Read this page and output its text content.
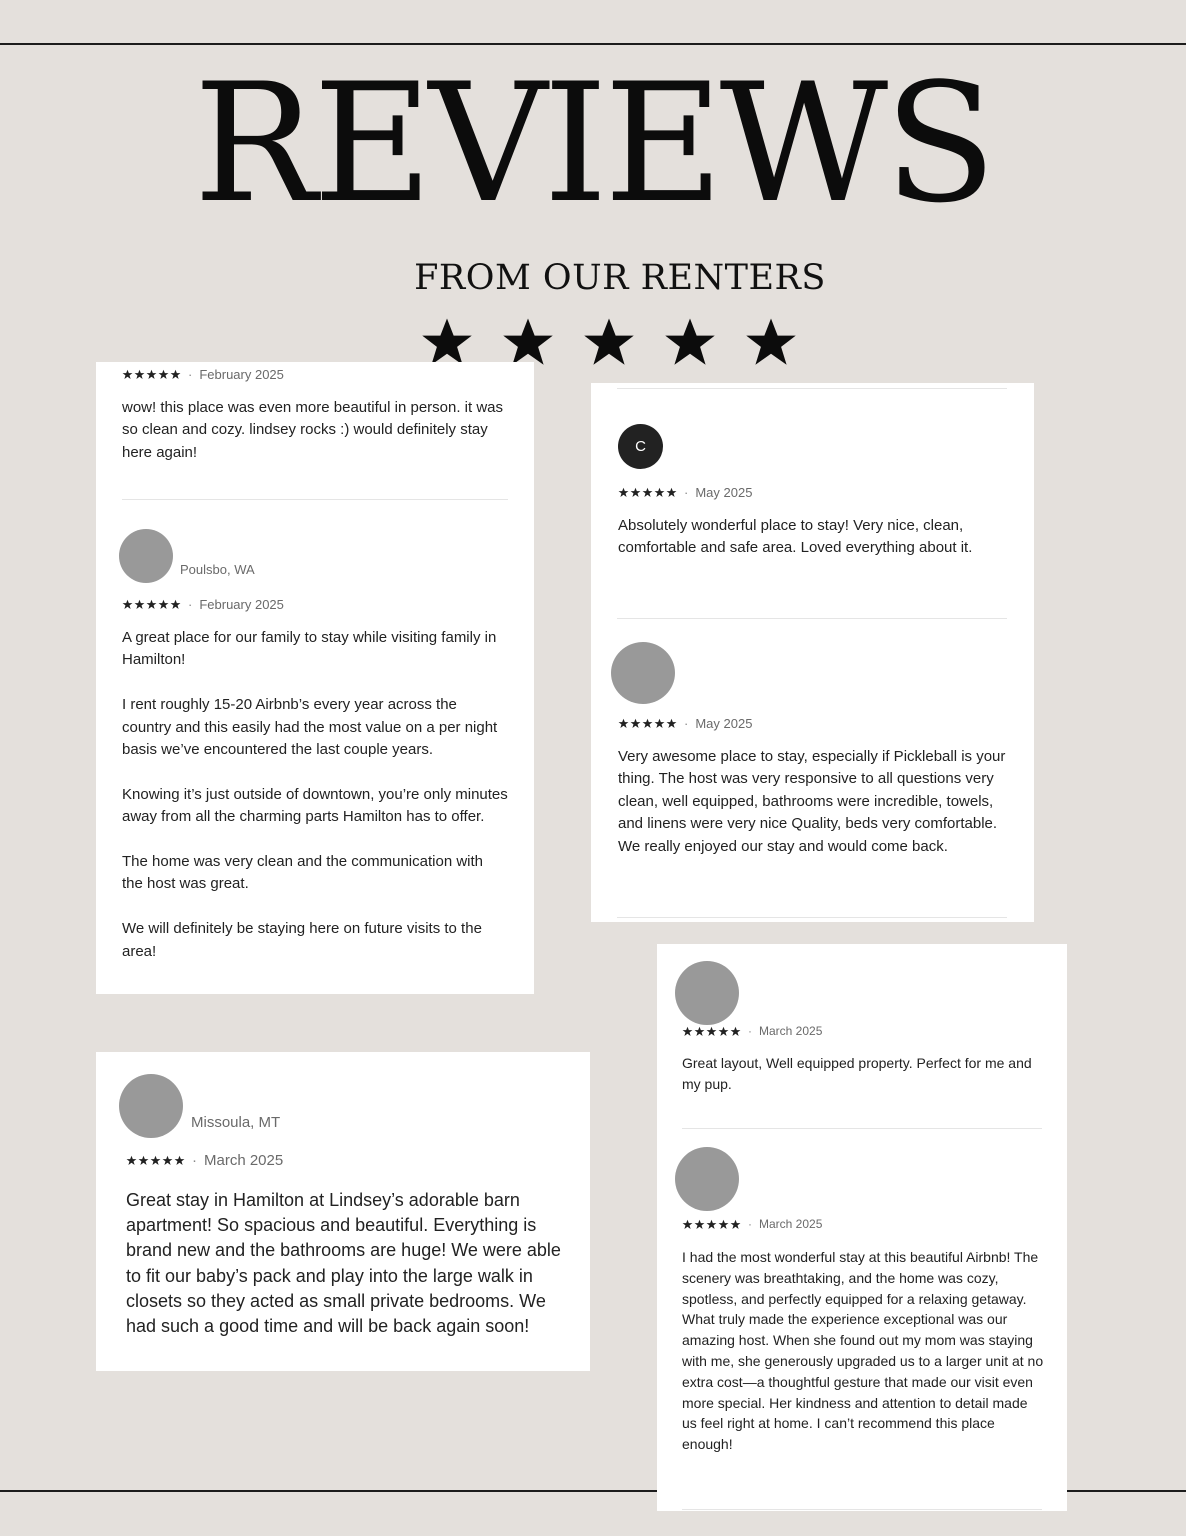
REVIEWS
FROM OUR RENTERS
· February 2025
wow! this place was even more beautiful in person. it was so clean and cozy. lindsey rocks :) would definitely stay here again!
Poulsbo, WA
· February 2025
A great place for our family to stay while visiting family in Hamilton!

I rent roughly 15-20 Airbnb’s every year across the country and this easily had the most value on a per night basis we’ve encountered the last couple years.

Knowing it’s just outside of downtown, you’re only minutes away from all the charming parts Hamilton has to offer.

The home was very clean and the communication with the host was great.

We will definitely be staying here on future visits to the area!
C
· May 2025
Absolutely wonderful place to stay! Very nice, clean, comfortable and safe area. Loved everything about it.
· May 2025
Very awesome place to stay, especially if Pickleball is your thing. The host was very responsive to all questions very clean, well equipped, bathrooms were incredible, towels, and linens were very nice Quality, beds very comfortable. We really enjoyed our stay and would come back.
Missoula, MT
· March 2025
Great stay in Hamilton at Lindsey’s adorable barn apartment! So spacious and beautiful. Everything is brand new and the bathrooms are huge! We were able to fit our baby’s pack and play into the large walk in closets so they acted as small private bedrooms. We had such a good time and will be back again soon!
· March 2025
Great layout, Well equipped property. Perfect for me and my pup.
· March 2025
I had the most wonderful stay at this beautiful Airbnb! The scenery was breathtaking, and the home was cozy, spotless, and perfectly equipped for a relaxing getaway. What truly made the experience exceptional was our amazing host. When she found out my mom was staying with me, she generously upgraded us to a larger unit at no extra cost—a thoughtful gesture that made our visit even more special. Her kindness and attention to detail made us feel right at home. I can’t recommend this place enough!
